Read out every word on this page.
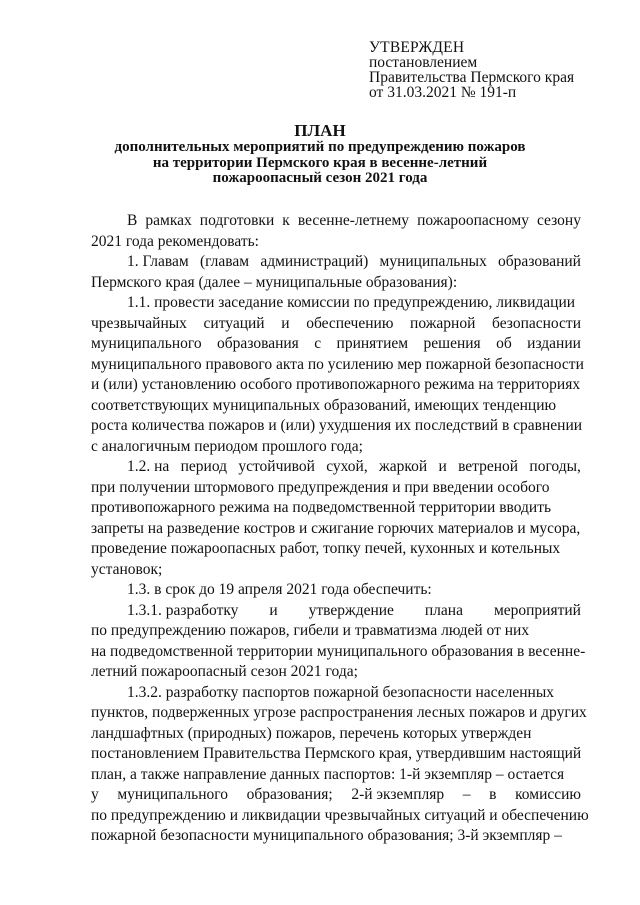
УТВЕРЖДЕН
постановлением
Правительства Пермского края
от 31.03.2021 № 191-п
ПЛАН
дополнительных мероприятий по предупреждению пожаров
на территории Пермского края в весенне-летний
пожароопасный сезон 2021 года
В рамках подготовки к весенне-летнему пожароопасному сезону
2021 года рекомендовать:
1. Главам (главам администраций) муниципальных образований
Пермского края (далее – муниципальные образования):
1.1. провести заседание комиссии по предупреждению, ликвидации
чрезвычайных ситуаций и обеспечению пожарной безопасности
муниципального образования с принятием решения об издании
муниципального правового акта по усилению мер пожарной безопасности
и (или) установлению особого противопожарного режима на территориях
соответствующих муниципальных образований, имеющих тенденцию
роста количества пожаров и (или) ухудшения их последствий в сравнении
с аналогичным периодом прошлого года;
1.2. на период устойчивой сухой, жаркой и ветреной погоды,
при получении штормового предупреждения и при введении особого
противопожарного режима на подведомственной территории вводить
запреты на разведение костров и сжигание горючих материалов и мусора,
проведение пожароопасных работ, топку печей, кухонных и котельных
установок;
1.3. в срок до 19 апреля 2021 года обеспечить:
1.3.1. разработку и утверждение плана мероприятий
по предупреждению пожаров, гибели и травматизма людей от них
на подведомственной территории муниципального образования в весенне-
летний пожароопасный сезон 2021 года;
1.3.2. разработку паспортов пожарной безопасности населенных
пунктов, подверженных угрозе распространения лесных пожаров и других
ландшафтных (природных) пожаров, перечень которых утвержден
постановлением Правительства Пермского края, утвердившим настоящий
план, а также направление данных паспортов: 1-й экземпляр – остается
у муниципального образования; 2-й экземпляр – в комиссию
по предупреждению и ликвидации чрезвычайных ситуаций и обеспечению
пожарной безопасности муниципального образования; 3-й экземпляр –
